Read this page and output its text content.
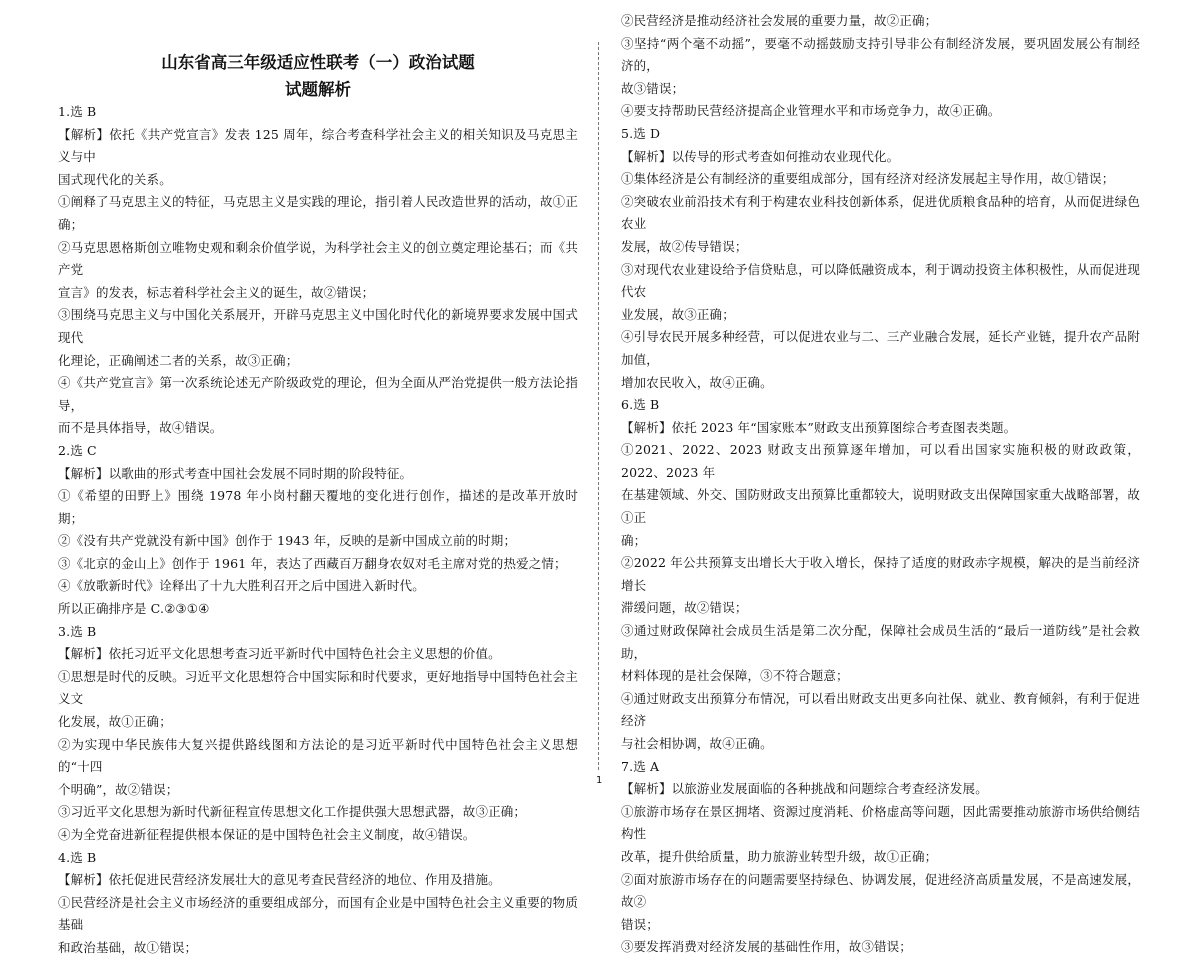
山东省高三年级适应性联考（一）政治试题
试题解析

1.选 B

【解析】依托《共产党宣言》发表 125 周年，综合考查科学社会主义的相关知识及马克思主义与中

国式现代化的关系。

①阐释了马克思主义的特征，马克思主义是实践的理论，指引着人民改造世界的活动，故①正确；

②马克思恩格斯创立唯物史观和剩余价值学说，为科学社会主义的创立奠定理论基石；而《共产党

宣言》的发表，标志着科学社会主义的诞生，故②错误；

③围绕马克思主义与中国化关系展开，开辟马克思主义中国化时代化的新境界要求发展中国式现代

化理论，正确阐述二者的关系，故③正确；

④《共产党宣言》第一次系统论述无产阶级政党的理论，但为全面从严治党提供一般方法论指导，

而不是具体指导，故④错误。

2.选 C

【解析】以歌曲的形式考查中国社会发展不同时期的阶段特征。

①《希望的田野上》围绕 1978 年小岗村翻天覆地的变化进行创作，描述的是改革开放时期；

②《没有共产党就没有新中国》创作于 1943 年，反映的是新中国成立前的时期；

③《北京的金山上》创作于 1961 年，表达了西藏百万翻身农奴对毛主席对党的热爱之情；

④《放歌新时代》诠释出了十九大胜利召开之后中国进入新时代。

所以正确排序是 C.②③①④

3.选 B

【解析】依托习近平文化思想考查习近平新时代中国特色社会主义思想的价值。

①思想是时代的反映。习近平文化思想符合中国实际和时代要求，更好地指导中国特色社会主义文

化发展，故①正确；

②为实现中华民族伟大复兴提供路线图和方法论的是习近平新时代中国特色社会主义思想的“十四

个明确”，故②错误；

③习近平文化思想为新时代新征程宣传思想文化工作提供强大思想武器，故③正确；

④为全党奋进新征程提供根本保证的是中国特色社会主义制度，故④错误。

4.选 B

【解析】依托促进民营经济发展壮大的意见考查民营经济的地位、作用及措施。

①民营经济是社会主义市场经济的重要组成部分，而国有企业是中国特色社会主义重要的物质基础

和政治基础，故①错误；

②民营经济是推动经济社会发展的重要力量，故②正确；

③坚持“两个毫不动摇”，要毫不动摇鼓励支持引导非公有制经济发展，要巩固发展公有制经济的，

故③错误；

④要支持帮助民营经济提高企业管理水平和市场竞争力，故④正确。

5.选 D

【解析】以传导的形式考查如何推动农业现代化。

①集体经济是公有制经济的重要组成部分，国有经济对经济发展起主导作用，故①错误；

②突破农业前沿技术有利于构建农业科技创新体系，促进优质粮食品种的培育，从而促进绿色农业

发展，故②传导错误；

③对现代农业建设给予信贷贴息，可以降低融资成本，利于调动投资主体积极性，从而促进现代农

业发展，故③正确；

④引导农民开展多种经营，可以促进农业与二、三产业融合发展，延长产业链，提升农产品附加值，

增加农民收入，故④正确。

6.选 B

【解析】依托 2023 年“国家账本”财政支出预算图综合考查图表类题。

①2021、2022、2023 财政支出预算逐年增加，可以看出国家实施积极的财政政策，2022、2023 年

在基建领域、外交、国防财政支出预算比重都较大，说明财政支出保障国家重大战略部署，故①正

确；

②2022 年公共预算支出增长大于收入增长，保持了适度的财政赤字规模，解决的是当前经济增长

滞缓问题，故②错误；

③通过财政保障社会成员生活是第二次分配，保障社会成员生活的“最后一道防线”是社会救助，

材料体现的是社会保障，③不符合题意；

④通过财政支出预算分布情况，可以看出财政支出更多向社保、就业、教育倾斜，有利于促进经济

与社会相协调，故④正确。

7.选 A

【解析】以旅游业发展面临的各种挑战和问题综合考查经济发展。

①旅游市场存在景区拥堵、资源过度消耗、价格虚高等问题，因此需要推动旅游市场供给侧结构性

改革，提升供给质量，助力旅游业转型升级，故①正确；

②面对旅游市场存在的问题需要坚持绿色、协调发展，促进经济高质量发展，不是高速发展，故②

错误；

③要发挥消费对经济发展的基础性作用，故③错误；

1
